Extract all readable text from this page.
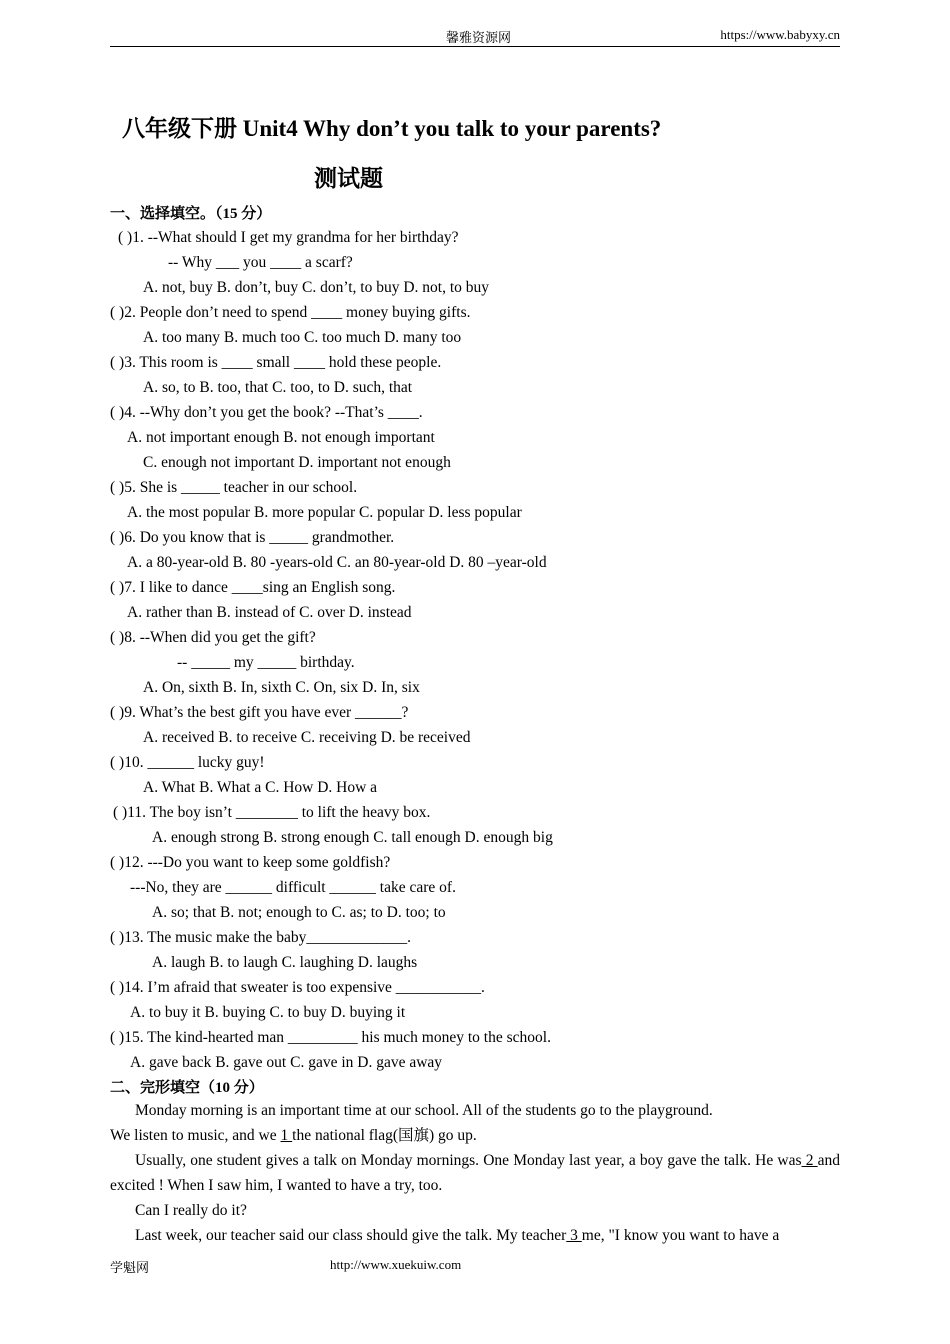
馨雅资源网	https://www.babyxy.cn
八年级下册 Unit4 Why don’t you talk to your parents?
测试题
一、选择填空。（15 分）
( )1. --What should I get my grandma for her birthday?
-- Why ___ you ____ a scarf?
A. not, buy B. don’t, buy C. don’t, to buy D. not, to buy
( )2. People don’t need to spend ____ money buying gifts.
A. too many B. much too C. too much D. many too
( )3. This room is ____ small ____ hold these people.
A. so, to B. too, that C. too, to D. such, that
( )4. --Why don’t you get the book? --That’s ____.
A. not important enough B. not enough important
C. enough not important D. important not enough
( )5. She is _____ teacher in our school.
A. the most popular B. more popular C. popular D. less popular
( )6. Do you know that is _____ grandmother.
A. a 80-year-old B. 80 -years-old C. an 80-year-old D. 80 –year-old
( )7. I like to dance ____sing an English song.
A. rather than B. instead of C. over D. instead
( )8. --When did you get the gift?
-- _____ my _____ birthday.
A. On, sixth B. In, sixth C. On, six D. In, six
( )9. What’s the best gift you have ever ______?
A. received B. to receive C. receiving D. be received
( )10. ______ lucky guy!
A. What B. What a C. How D. How a
( )11. The boy isn’t ________ to lift the heavy box.
A. enough strong B. strong enough C. tall enough D. enough big
( )12. ---Do you want to keep some goldfish?
---No, they are ______ difficult ______ take care of.
A. so; that B. not; enough to C. as; to D. too; to
( )13. The music make the baby_____________.
A. laugh B. to laugh C. laughing D. laughs
( )14. I’m afraid that sweater is too expensive ___________.
A. to buy it B. buying C. to buy D. buying it
( )15. The kind-hearted man _________ his much money to the school.
A. gave back B. gave out C. gave in D. gave away
二、完形填空（10 分）
Monday morning is an important time at our school. All of the students go to the playground.
We listen to music, and we 1 the national flag(国旗) go up.
Usually, one student gives a talk on Monday mornings. One Monday last year, a boy gave the talk. He was 2 and excited ! When I saw him, I wanted to have a try, too.
Can I really do it?
Last week, our teacher said our class should give the talk. My teacher 3 me, "I know you want to have a
学魁网	http://www.xuekuiw.com
